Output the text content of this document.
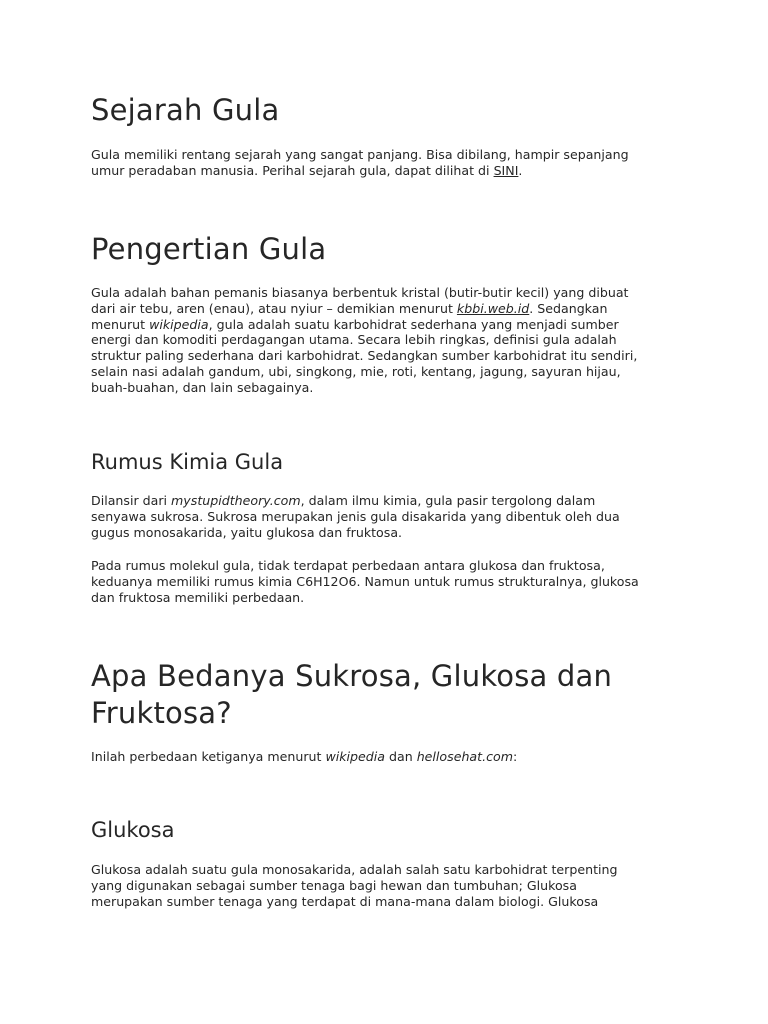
Sejarah Gula
Gula memiliki rentang sejarah yang sangat panjang. Bisa dibilang, hampir sepanjang
umur peradaban manusia. Perihal sejarah gula, dapat dilihat di SINI.
Pengertian Gula
Gula adalah bahan pemanis biasanya berbentuk kristal (butir-butir kecil) yang dibuat
dari air tebu, aren (enau), atau nyiur – demikian menurut kbbi.web.id. Sedangkan
menurut wikipedia, gula adalah suatu karbohidrat sederhana yang menjadi sumber
energi dan komoditi perdagangan utama. Secara lebih ringkas, definisi gula adalah
struktur paling sederhana dari karbohidrat. Sedangkan sumber karbohidrat itu sendiri,
selain nasi adalah gandum, ubi, singkong, mie, roti, kentang, jagung, sayuran hijau,
buah-buahan, dan lain sebagainya.
Rumus Kimia Gula
Dilansir dari mystupidtheory.com, dalam ilmu kimia, gula pasir tergolong dalam
senyawa sukrosa. Sukrosa merupakan jenis gula disakarida yang dibentuk oleh dua
gugus monosakarida, yaitu glukosa dan fruktosa.
Pada rumus molekul gula, tidak terdapat perbedaan antara glukosa dan fruktosa,
keduanya memiliki rumus kimia C6H12O6. Namun untuk rumus strukturalnya, glukosa
dan fruktosa memiliki perbedaan.
Apa Bedanya Sukrosa, Glukosa dan
Fruktosa?
Inilah perbedaan ketiganya menurut wikipedia dan hellosehat.com:
Glukosa
Glukosa adalah suatu gula monosakarida, adalah salah satu karbohidrat terpenting
yang digunakan sebagai sumber tenaga bagi hewan dan tumbuhan; Glukosa
merupakan sumber tenaga yang terdapat di mana-mana dalam biologi. Glukosa
